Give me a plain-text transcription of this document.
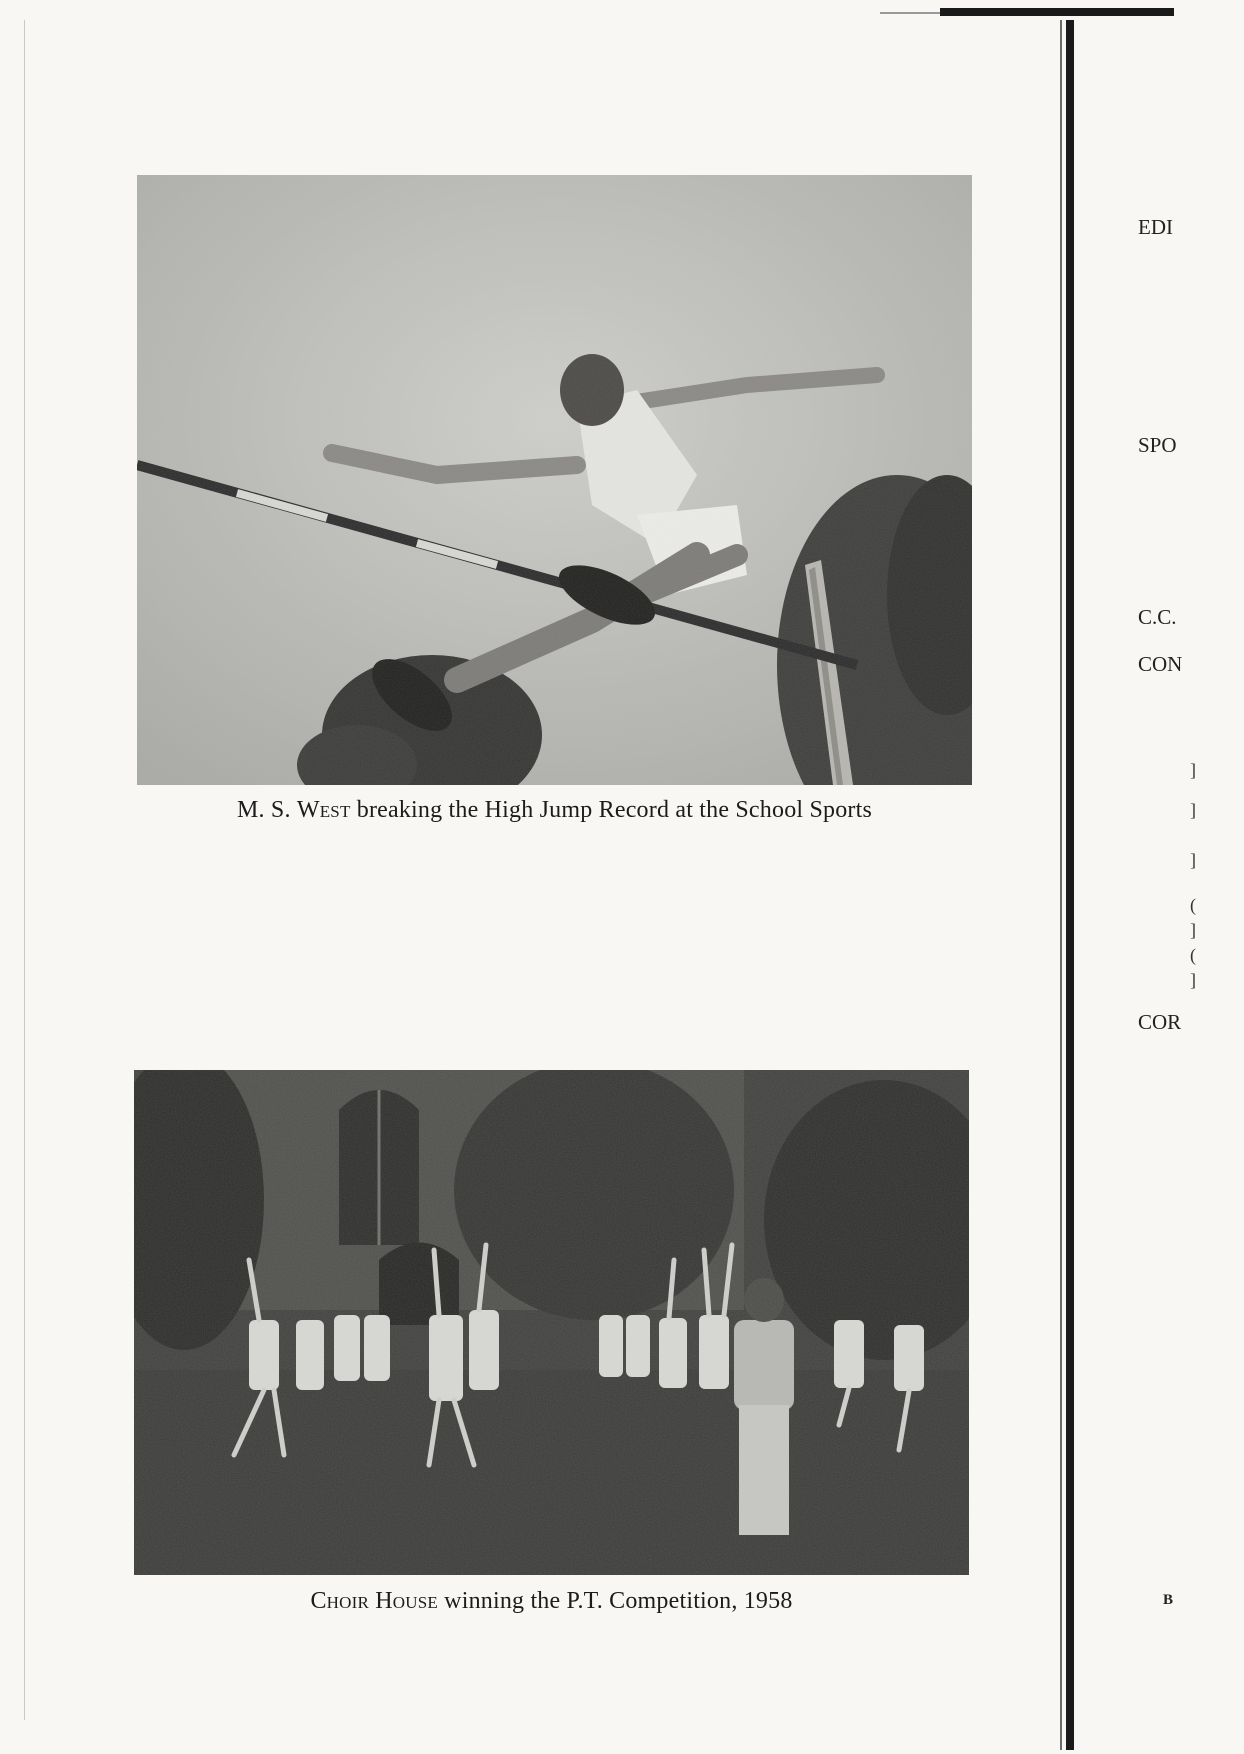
M. S. West breaking the High Jump Record at the School Sports
Choir House winning the P.T. Competition, 1958
EDI
SPO
C.C.
CON
COR
B
]
]
]
(
]
(
]
